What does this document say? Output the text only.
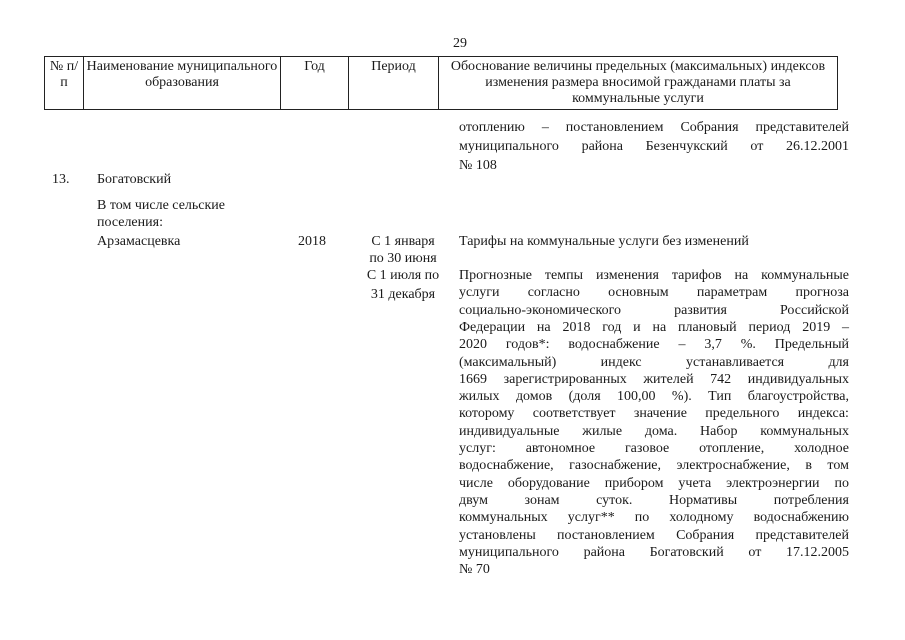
29
№ п/п	Наименование муниципального образования	Год	Период	Обоснование величины предельных (максимальных) индексов изменения размера вносимой гражданами платы за коммунальные услуги
отоплению – постановлением Собрания представителей
муниципального района Безенчукский от 26.12.2001
№ 108
13. Богатовский
В том числе сельские
поселения:
Арзамасцевка	2018	С 1 января
по 30 июня
С 1 июля по
31 декабря
Тарифы на коммунальные услуги без изменений
Прогнозные темпы изменения тарифов на коммунальные
услуги согласно основным параметрам прогноза
социально-экономического	развития	Российской
Федерации на 2018 год и на плановый период 2019 –
2020 годов*: водоснабжение – 3,7 %. Предельный
(максимальный)	индекс	устанавливается	для
1669 зарегистрированных жителей 742 индивидуальных
жилых домов (доля 100,00 %). Тип благоустройства,
которому соответствует значение предельного индекса:
индивидуальные жилые дома. Набор коммунальных
услуг: автономное газовое отопление, холодное
водоснабжение, газоснабжение, электроснабжение, в том
числе оборудование прибором учета электроэнергии по
двум	зонам	суток.	Нормативы	потребления
коммунальных услуг** по холодному водоснабжению
установлены постановлением Собрания представителей
муниципального района Богатовский от 17.12.2005
№ 70
